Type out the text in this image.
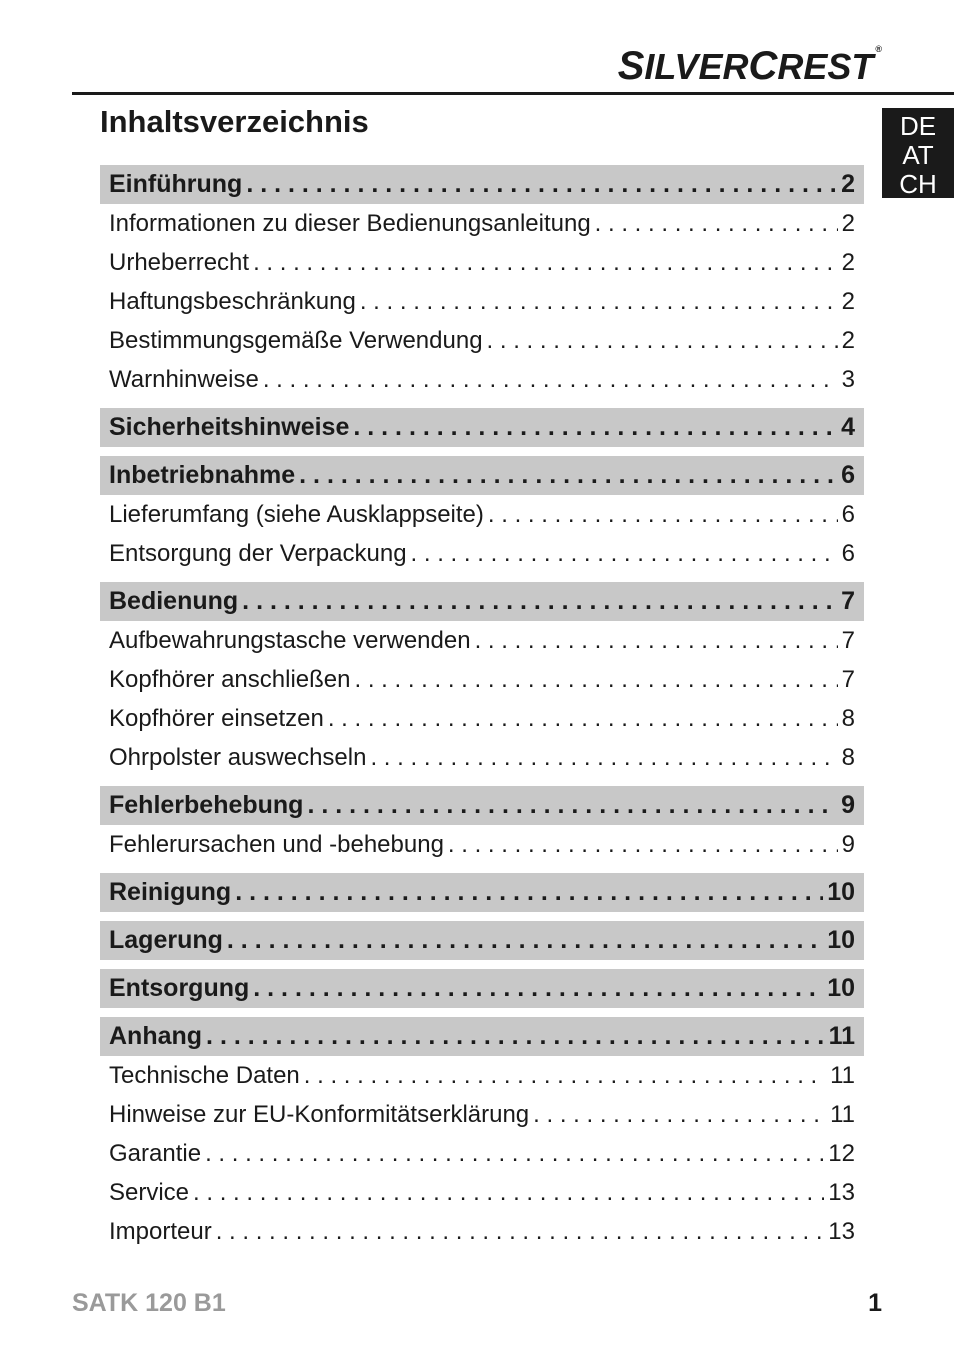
SILVERCREST ®
DE
AT
CH
Inhaltsverzeichnis
Einführung . . .	2
Informationen zu dieser Bedienungsanleitung . . .	2
Urheberrecht . . .	2
Haftungsbeschränkung . . .	2
Bestimmungsgemäße Verwendung . . .	2
Warnhinweise . . .	3
Sicherheitshinweise . . .	4
Inbetriebnahme . . .	6
Lieferumfang (siehe Ausklappseite) . . .	6
Entsorgung der Verpackung . . .	6
Bedienung . . .	7
Aufbewahrungstasche verwenden . . .	7
Kopfhörer anschließen . . .	7
Kopfhörer einsetzen . . .	8
Ohrpolster auswechseln . . .	8
Fehlerbehebung . . .	9
Fehlerursachen und -behebung . . .	9
Reinigung . . .	10
Lagerung . . .	10
Entsorgung . . .	10
Anhang . . .	11
Technische Daten . . .	11
Hinweise zur EU-Konformitätserklärung . . .	11
Garantie . . .	12
Service . . .	13
Importeur . . .	13
SATK 120 B1	1
